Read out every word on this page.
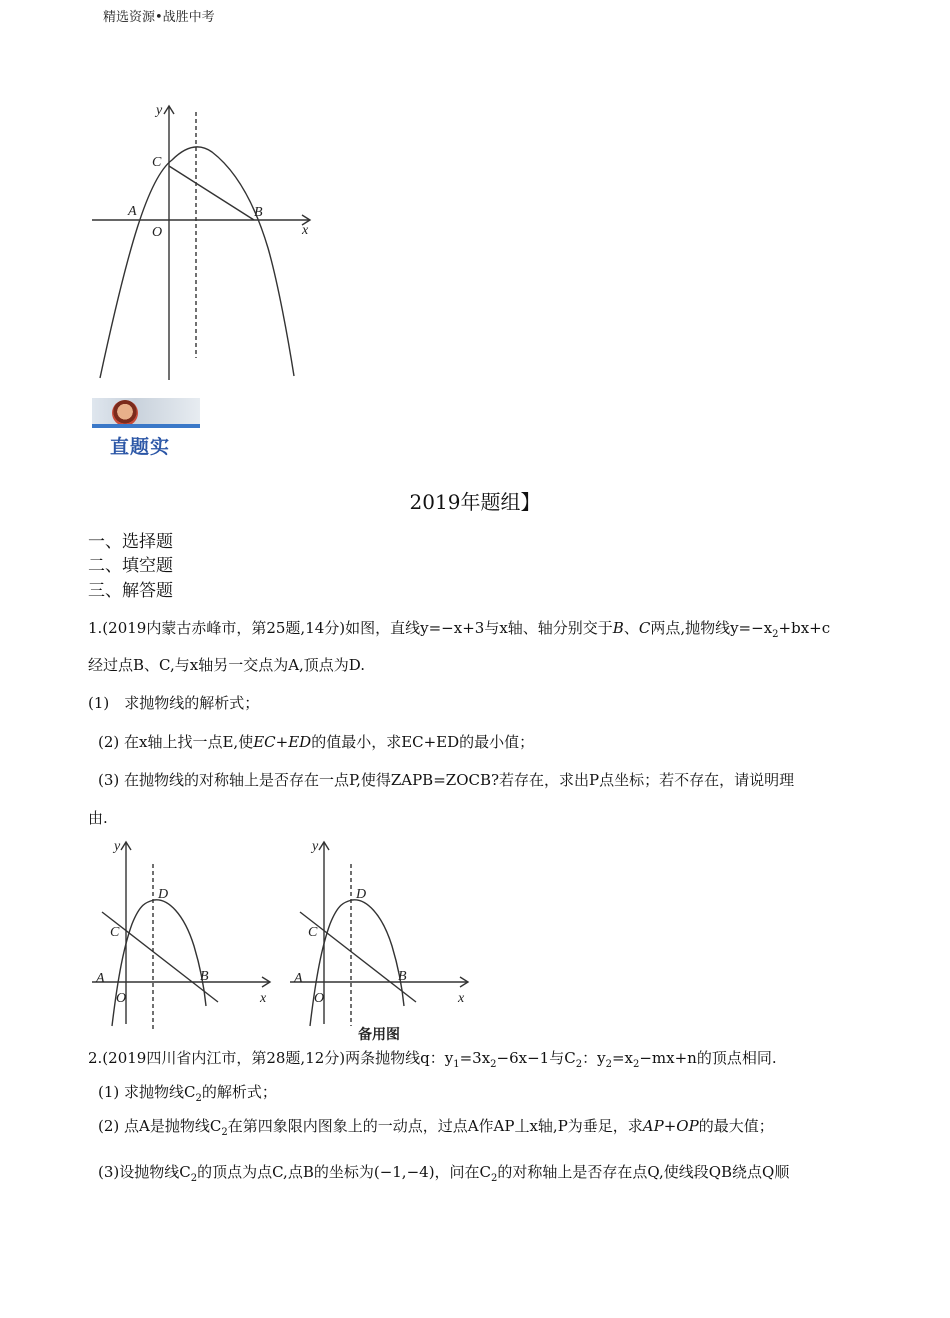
精选资源•战胜中考
y
C
A	B
O	x
直题实
2019年题组】
一、选择题
二、填空题
三、解答题
1.(2019内蒙古赤峰市，第25题,14分)如图，直线y=−x+3与x轴、轴分别交于B、C两点,抛物线$y=-x_2+bx+c$
经过点B、C,与x轴另一交点为A,顶点为D.
(1)　求抛物线的解析式；
(2) 在x轴上找一点E,使EC+ED的值最小，求EC+ED的最小值；
(3) 在抛物线的对称轴上是否存在一点P,使得ZAPB=ZOCB?若存在，求出P点坐标；若不存在，请说明理
由.
y
D
C
A	B
O	x
y
D
C
A	B
O	x
备用图
2.(2019四川省内江市，第28题,12分)两条抛物线q：$y_1=3x_2-6x-1$与$C_2$：$y_2=x_2-mx+n$的顶点相同.
(1) 求抛物线$C_2$的解析式；
(2) 点A是抛物线$C_2$在第四象限内图象上的一动点，过点A作AP丄x轴,P为垂足，求AP+OP的最大值；
(3)设抛物线$C_2$的顶点为点C,点B的坐标为(−1,−4)，问在$C_2$的对称轴上是否存在点Q,使线段QB绕点Q顺
